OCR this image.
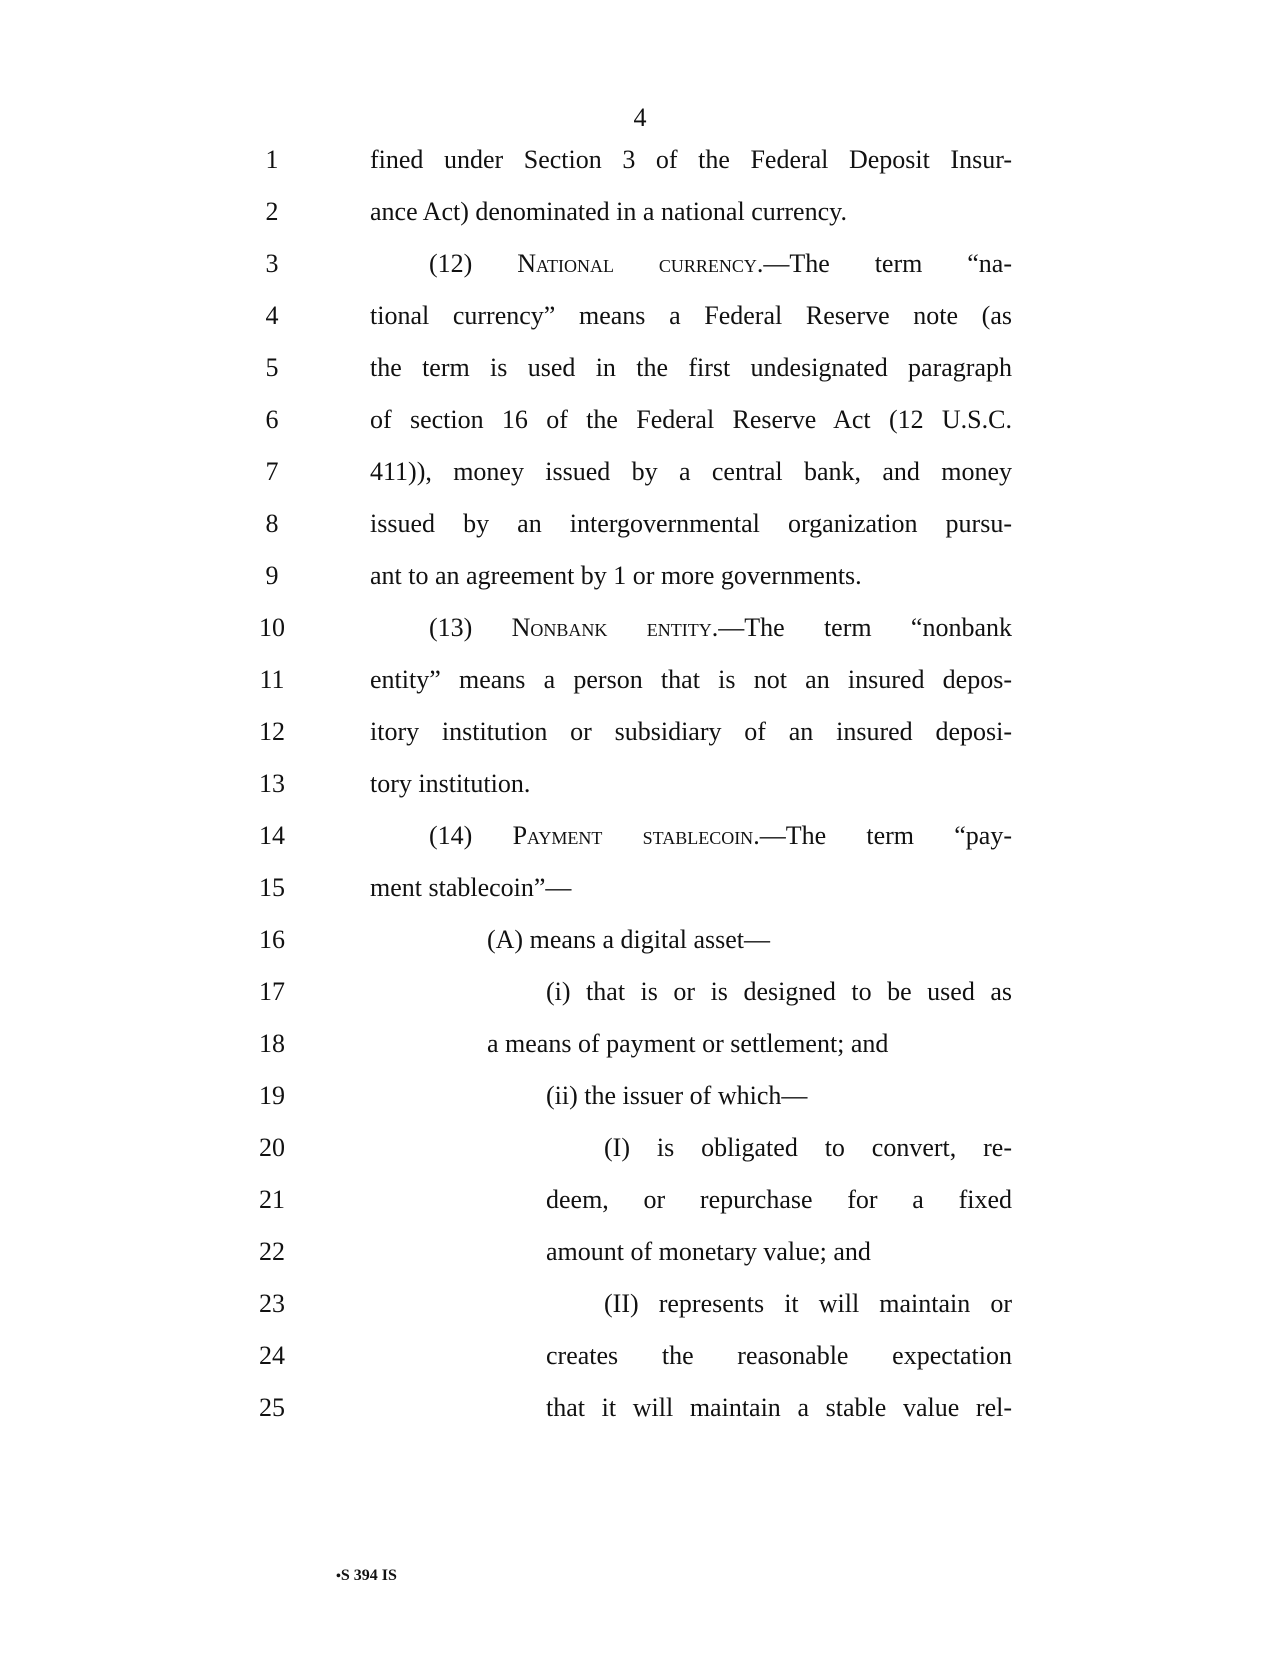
4
1
2
3
4
5
6
7
8
9
10
11
12
13
14
15
16
17
18
19
20
21
22
23
24
25
fined under Section 3 of the Federal Deposit Insur-
ance Act) denominated in a national currency.
(12) National currency.—The term “na-
tional currency” means a Federal Reserve note (as
the term is used in the first undesignated paragraph
of section 16 of the Federal Reserve Act (12 U.S.C.
411)), money issued by a central bank, and money
issued by an intergovernmental organization pursu-
ant to an agreement by 1 or more governments.
(13) Nonbank entity.—The term “nonbank
entity” means a person that is not an insured depos-
itory institution or subsidiary of an insured deposi-
tory institution.
(14) Payment stablecoin.—The term “pay-
ment stablecoin”—
(A) means a digital asset—
(i) that is or is designed to be used as
a means of payment or settlement; and
(ii) the issuer of which—
(I) is obligated to convert, re-
deem, or repurchase for a fixed
amount of monetary value; and
(II) represents it will maintain or
creates the reasonable expectation
that it will maintain a stable value rel-
•S 394 IS
